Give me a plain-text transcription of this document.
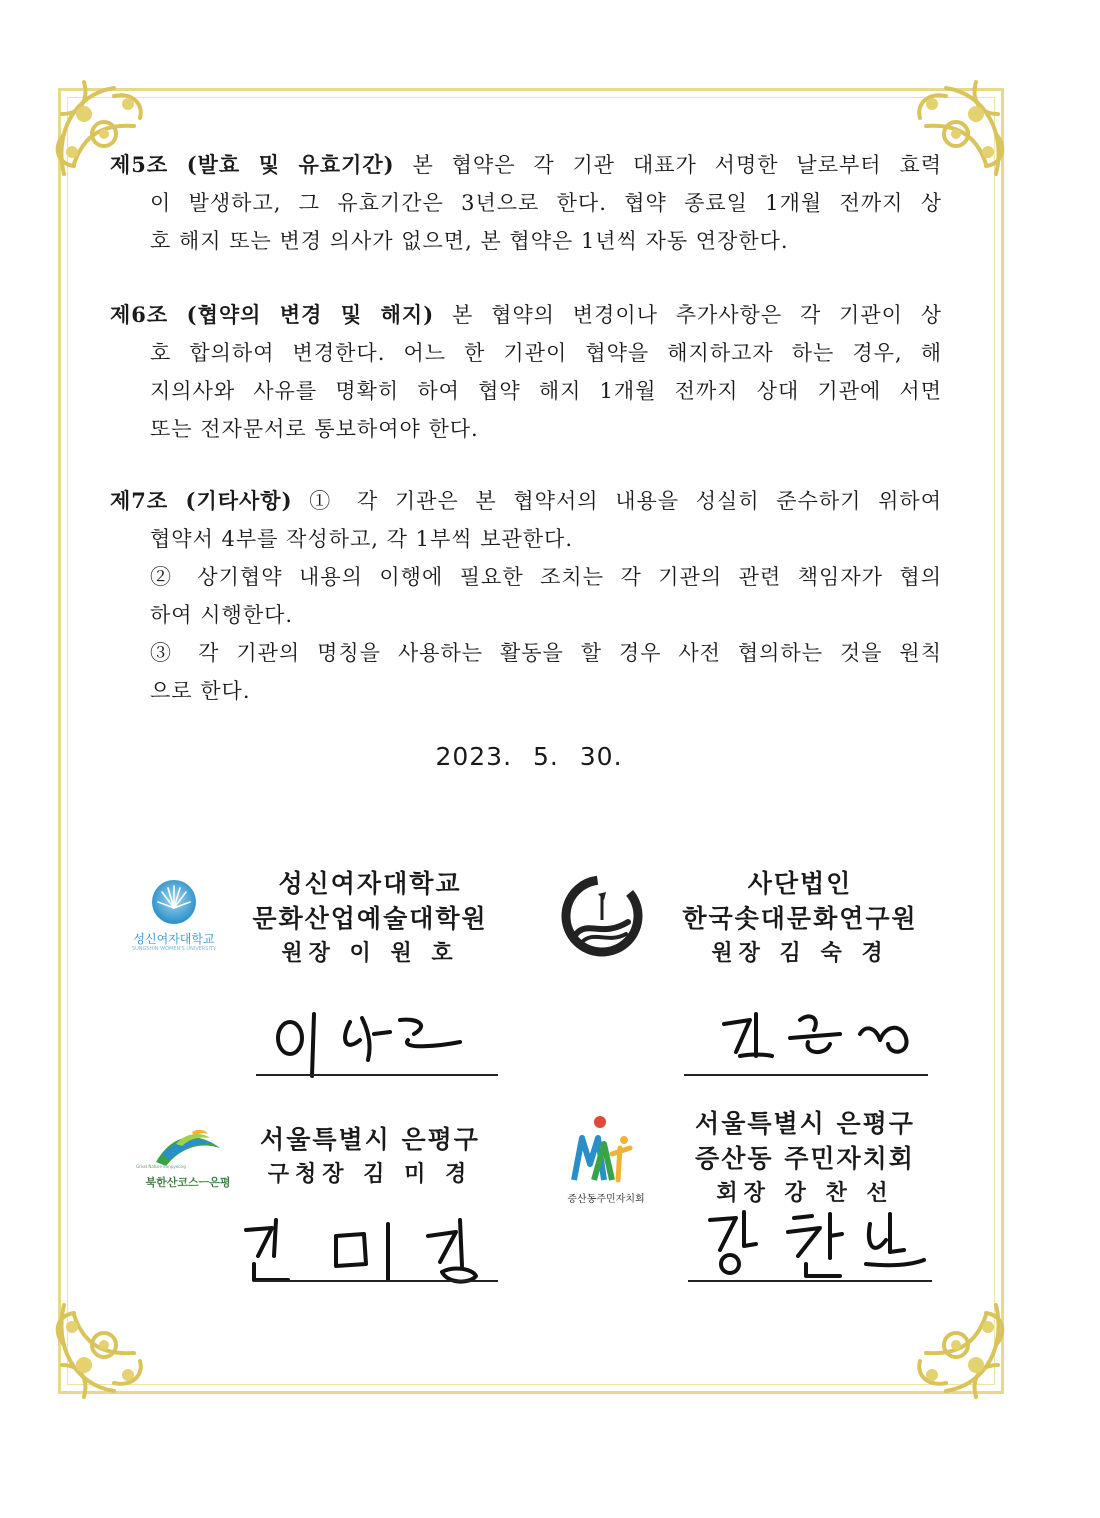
제5조 (발효 및 유효기간) 본 협약은 각 기관 대표가 서명한 날로부터 효력

이 발생하고, 그 유효기간은 3년으로 한다. 협약 종료일 1개월 전까지 상

호 해지 또는 변경 의사가 없으면, 본 협약은 1년씩 자동 연장한다.

제6조 (협약의 변경 및 해지) 본 협약의 변경이나 추가사항은 각 기관이 상

호 합의하여 변경한다. 어느 한 기관이 협약을 해지하고자 하는 경우, 해

지의사와 사유를 명확히 하여 협약 해지 1개월 전까지 상대 기관에 서면

또는 전자문서로 통보하여야 한다.

제7조 (기타사항) ① 각 기관은 본 협약서의 내용을 성실히 준수하기 위하여

협약서 4부를 작성하고, 각 1부씩 보관한다.

② 상기협약 내용의 이행에 필요한 조치는 각 기관의 관련 책임자가 협의

하여 시행한다.

③ 각 기관의 명칭을 사용하는 활동을 할 경우 사전 협의하는 것을 원칙

으로 한다.

2023. 5. 30.
성신여자대학교
SUNGSHIN WOMEN'S UNIVERSITY
성신여자대학교
문화산업예술대학원
원장 이 원 호
사단법인
한국솟대문화연구원
원장 김 숙 경
북한산코스ㅡ은평
Great Nature Eunpyeong
서울특별시 은평구
구청장 김 미 경
증산동주민자치회
서울특별시 은평구
증산동 주민자치회
회장 강 찬 선
